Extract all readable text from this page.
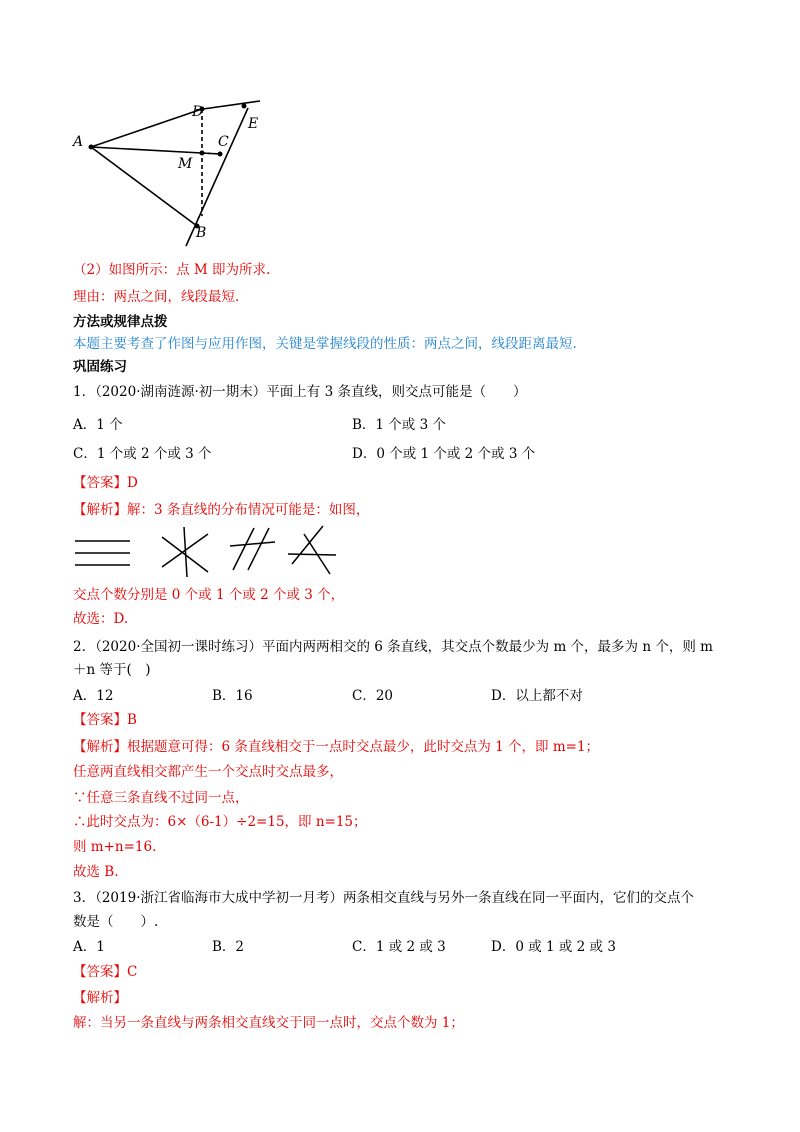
A
D
E
C
M
B
（2）如图所示：点 M 即为所求.
理由：两点之间，线段最短.
方法或规律点拨
本题主要考查了作图与应用作图，关键是掌握线段的性质：两点之间，线段距离最短.
巩固练习
1．（2020·湖南涟源·初一期末）平面上有 3 条直线，则交点可能是（　　）
A．1 个	B．1 个或 3 个
C．1 个或 2 个或 3 个	D．0 个或 1 个或 2 个或 3 个
【答案】D
【解析】解：3 条直线的分布情况可能是：如图，
交点个数分别是 0 个或 1 个或 2 个或 3 个，
故选：D.
2．（2020·全国初一课时练习）平面内两两相交的 6 条直线，其交点个数最少为 m 个，最多为 n 个，则 m
＋n 等于(　)
A．12	B．16	C．20	D．以上都不对
【答案】B
【解析】根据题意可得：6 条直线相交于一点时交点最少，此时交点为 1 个，即 m=1；
任意两直线相交都产生一个交点时交点最多，
∵任意三条直线不过同一点，
∴此时交点为：6×（6-1）÷2=15，即 n=15；
则 m+n=16.
故选 B.
3．（2019·浙江省临海市大成中学初一月考）两条相交直线与另外一条直线在同一平面内，它们的交点个
数是（　　）.
A．1	B．2	C．1 或 2 或 3	D．0 或 1 或 2 或 3
【答案】C
【解析】
解：当另一条直线与两条相交直线交于同一点时，交点个数为 1；
